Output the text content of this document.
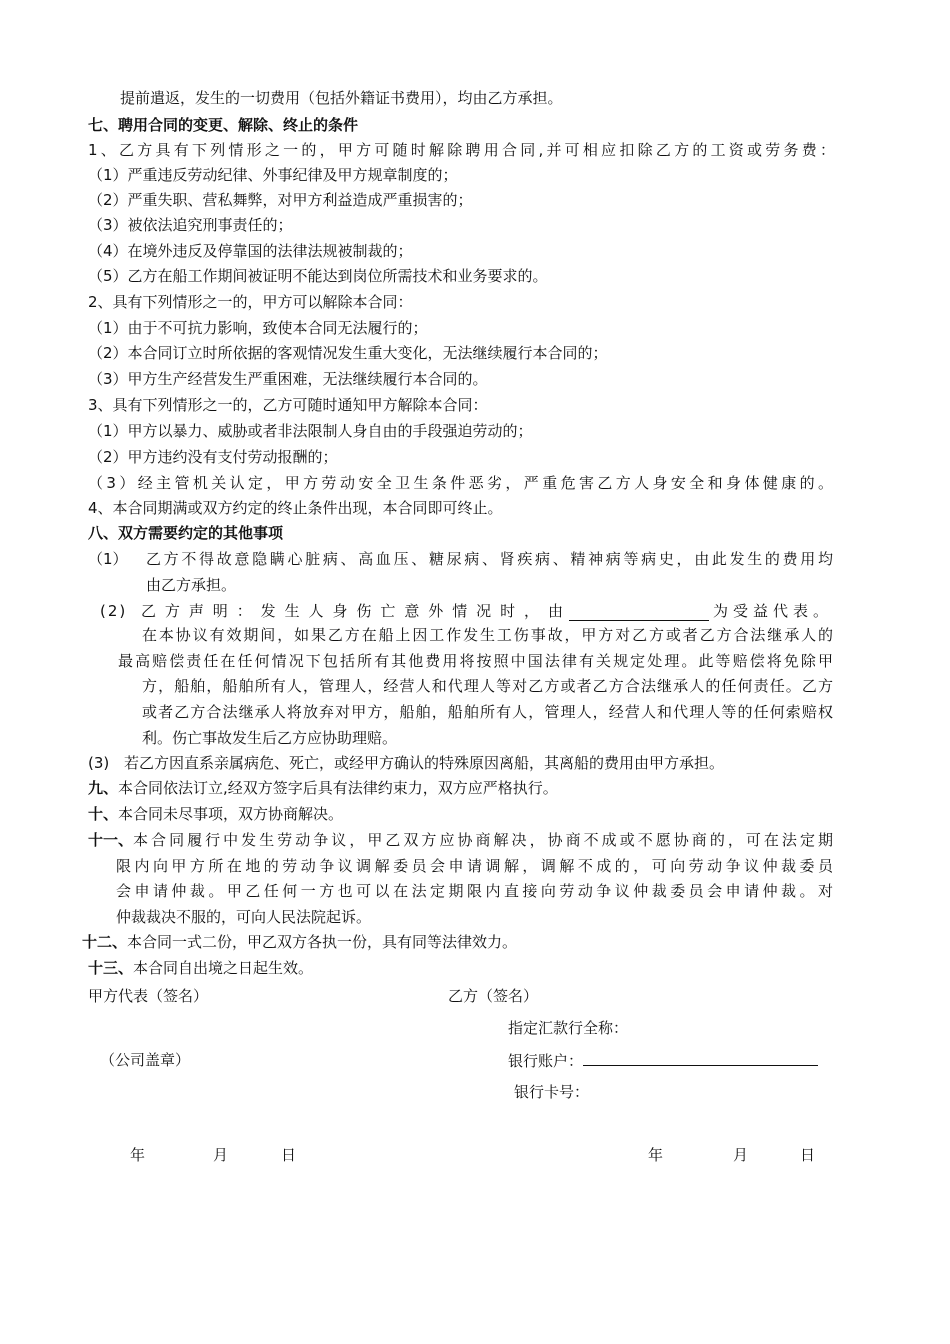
提前遣返，发生的一切费用（包括外籍证书费用），均由乙方承担。
七、聘用合同的变更、解除、终止的条件
1、乙方具有下列情形之一的，甲方可随时解除聘用合同,并可相应扣除乙方的工资或劳务费：
（1）严重违反劳动纪律、外事纪律及甲方规章制度的；
（2）严重失职、营私舞弊，对甲方利益造成严重损害的；
（3）被依法追究刑事责任的；
（4）在境外违反及停靠国的法律法规被制裁的；
（5）乙方在船工作期间被证明不能达到岗位所需技术和业务要求的。
2、具有下列情形之一的，甲方可以解除本合同：
（1）由于不可抗力影响，致使本合同无法履行的；
（2）本合同订立时所依据的客观情况发生重大变化，无法继续履行本合同的；
（3）甲方生产经营发生严重困难，无法继续履行本合同的。
3、具有下列情形之一的，乙方可随时通知甲方解除本合同：
（1）甲方以暴力、威胁或者非法限制人身自由的手段强迫劳动的；
（2）甲方违约没有支付劳动报酬的；
（3）经主管机关认定，甲方劳动安全卫生条件恶劣，严重危害乙方人身安全和身体健康的。
4、本合同期满或双方约定的终止条件出现，本合同即可终止。
八、双方需要约定的其他事项
（1） 乙方不得故意隐瞒心脏病、高血压、糖尿病、肾疾病、精神病等病史，由此发生的费用均
由乙方承担。
(2) 乙方声明：发生人身伤亡意外情况时，由	为受益代表。
在本协议有效期间，如果乙方在船上因工作发生工伤事故，甲方对乙方或者乙方合法继承人的
最高赔偿责任在任何情况下包括所有其他费用将按照中国法律有关规定处理。此等赔偿将免除甲
方，船舶，船舶所有人，管理人，经营人和代理人等对乙方或者乙方合法继承人的任何责任。乙方
或者乙方合法继承人将放弃对甲方，船舶，船舶所有人，管理人，经营人和代理人等的任何索赔权
利。伤亡事故发生后乙方应协助理赔。
(3) 若乙方因直系亲属病危、死亡，或经甲方确认的特殊原因离船，其离船的费用由甲方承担。
九、本合同依法订立,经双方签字后具有法律约束力，双方应严格执行。
十、本合同未尽事项，双方协商解决。
十一、 本合同履行中发生劳动争议，甲乙双方应协商解决，协商不成或不愿协商的，可在法定期
限内向甲方所在地的劳动争议调解委员会申请调解，调解不成的，可向劳动争议仲裁委员
会申请仲裁。甲乙任何一方也可以在法定期限内直接向劳动争议仲裁委员会申请仲裁。对
仲裁裁决不服的，可向人民法院起诉。
十二、本合同一式二份，甲乙双方各执一份，具有同等法律效力。
十三、本合同自出境之日起生效。
甲方代表（签名）	乙方（签名）
指定汇款行全称：
（公司盖章）	银行账户：
银行卡号：
年	月	日	年	月	日
